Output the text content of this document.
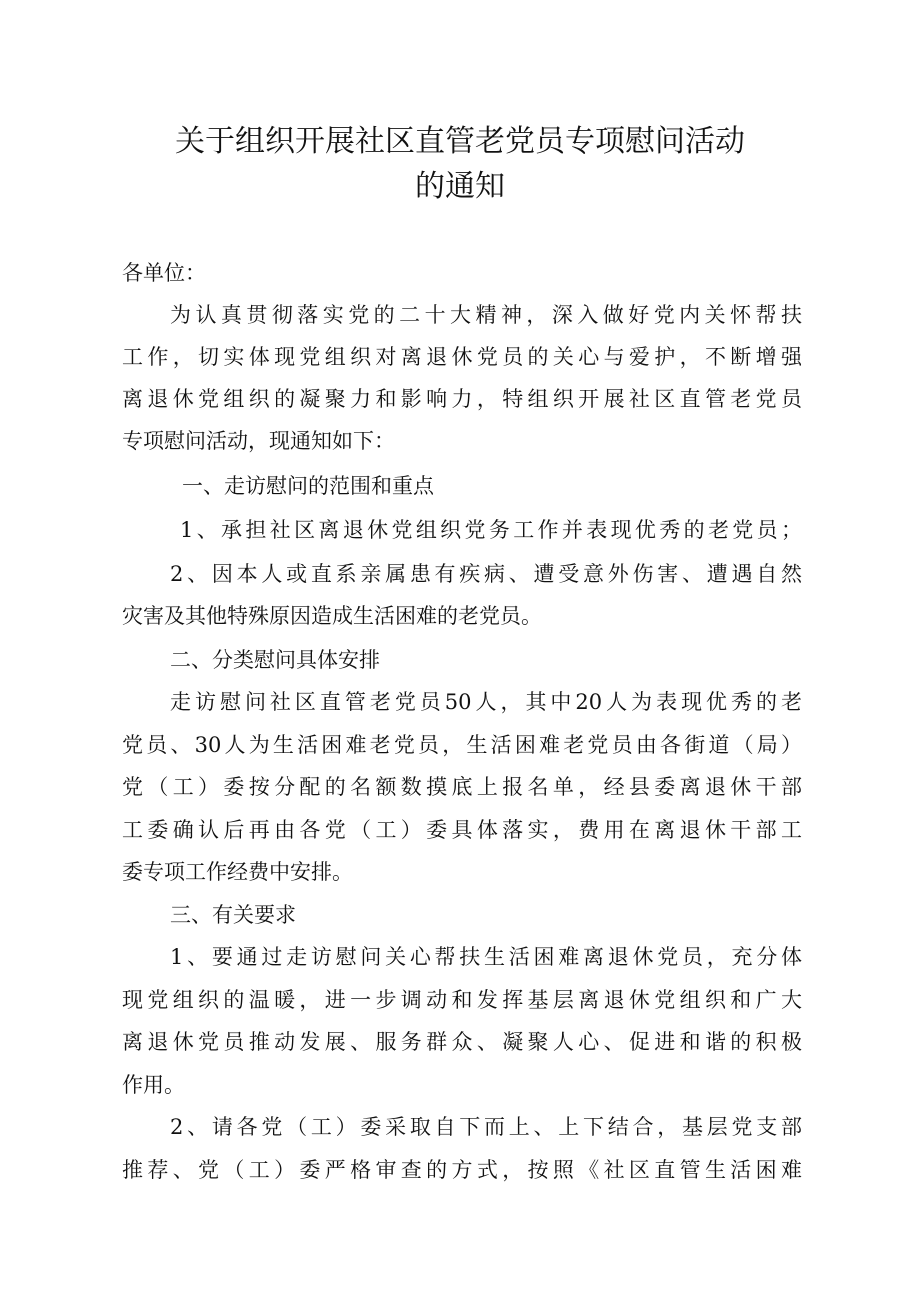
关于组织开展社区直管老党员专项慰问活动
的通知
各单位：
为认真贯彻落实党的二十大精神，深入做好党内关怀帮扶
工作，切实体现党组织对离退休党员的关心与爱护，不断增强
离退休党组织的凝聚力和影响力，特组织开展社区直管老党员
专项慰问活动，现通知如下：
一、走访慰问的范围和重点
1、承担社区离退休党组织党务工作并表现优秀的老党员；
2、因本人或直系亲属患有疾病、遭受意外伤害、遭遇自然
灾害及其他特殊原因造成生活困难的老党员。
二、分类慰问具体安排
走访慰问社区直管老党员50人，其中20人为表现优秀的老
党员、30人为生活困难老党员，生活困难老党员由各街道（局）
党（工）委按分配的名额数摸底上报名单，经县委离退休干部
工委确认后再由各党（工）委具体落实，费用在离退休干部工
委专项工作经费中安排。
三、有关要求
1、要通过走访慰问关心帮扶生活困难离退休党员，充分体
现党组织的温暖，进一步调动和发挥基层离退休党组织和广大
离退休党员推动发展、服务群众、凝聚人心、促进和谐的积极
作用。
2、请各党（工）委采取自下而上、上下结合，基层党支部
推荐、党（工）委严格审查的方式，按照《社区直管生活困难
